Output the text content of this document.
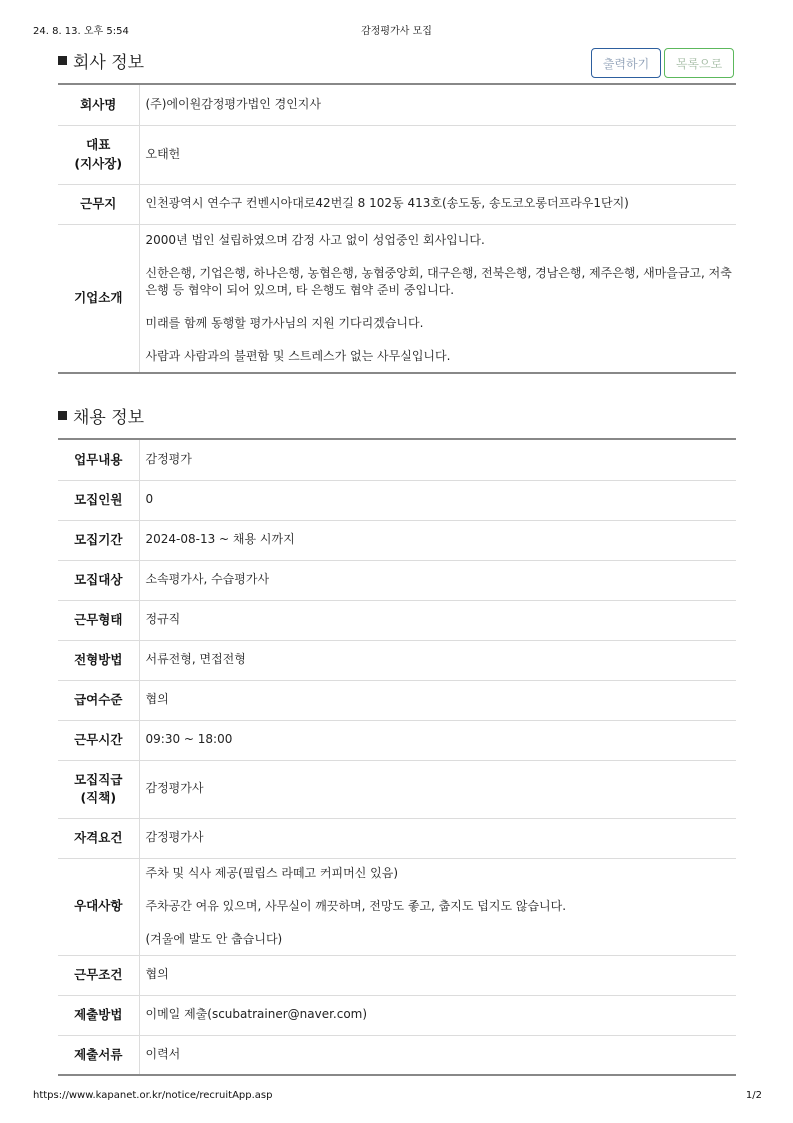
24. 8. 13. 오후 5:54	감정평가사 모집
회사 정보	출력하기	목록으로
회사명	(주)에이원감정평가법인 경인지사

대표
(지사장)	오태헌
근무지	인천광역시 연수구 컨벤시아대로42번길 8 102동 413호(송도동, 송도코오롱더프라우1단지)
기업소개	2000년 법인 설립하였으며 감정 사고 없이 성업중인 회사입니다.

신한은행, 기업은행, 하나은행, 농협은행, 농협중앙회, 대구은행, 전북은행, 경남은행, 제주은행, 새마을금고, 저축은행 등 협약이 되어 있으며, 타 은행도 협약 준비 중입니다.

미래를 함께 동행할 평가사님의 지원 기다리겠습니다.

사람과 사람과의 불편함 및 스트레스가 없는 사무실입니다.

채용 정보
업무내용	감정평가
모집인원	0
모집기간	2024-08-13 ~ 채용 시까지
모집대상	소속평가사, 수습평가사
근무형태	정규직
전형방법	서류전형, 면접전형
급여수준	협의
근무시간	09:30 ~ 18:00

모집직급
(직책)	감정평가사
자격요건	감정평가사
우대사항	주차 및 식사 제공(필립스 라떼고 커피머신 있음)

주차공간 여유 있으며, 사무실이 깨끗하며, 전망도 좋고, 춥지도 덥지도 않습니다.

(겨울에 발도 안 춥습니다)

근무조건	협의
제출방법	이메일 제출(scubatrainer@naver.com)
제출서류	이력서
https://www.kapanet.or.kr/notice/recruitApp.asp	1/2
